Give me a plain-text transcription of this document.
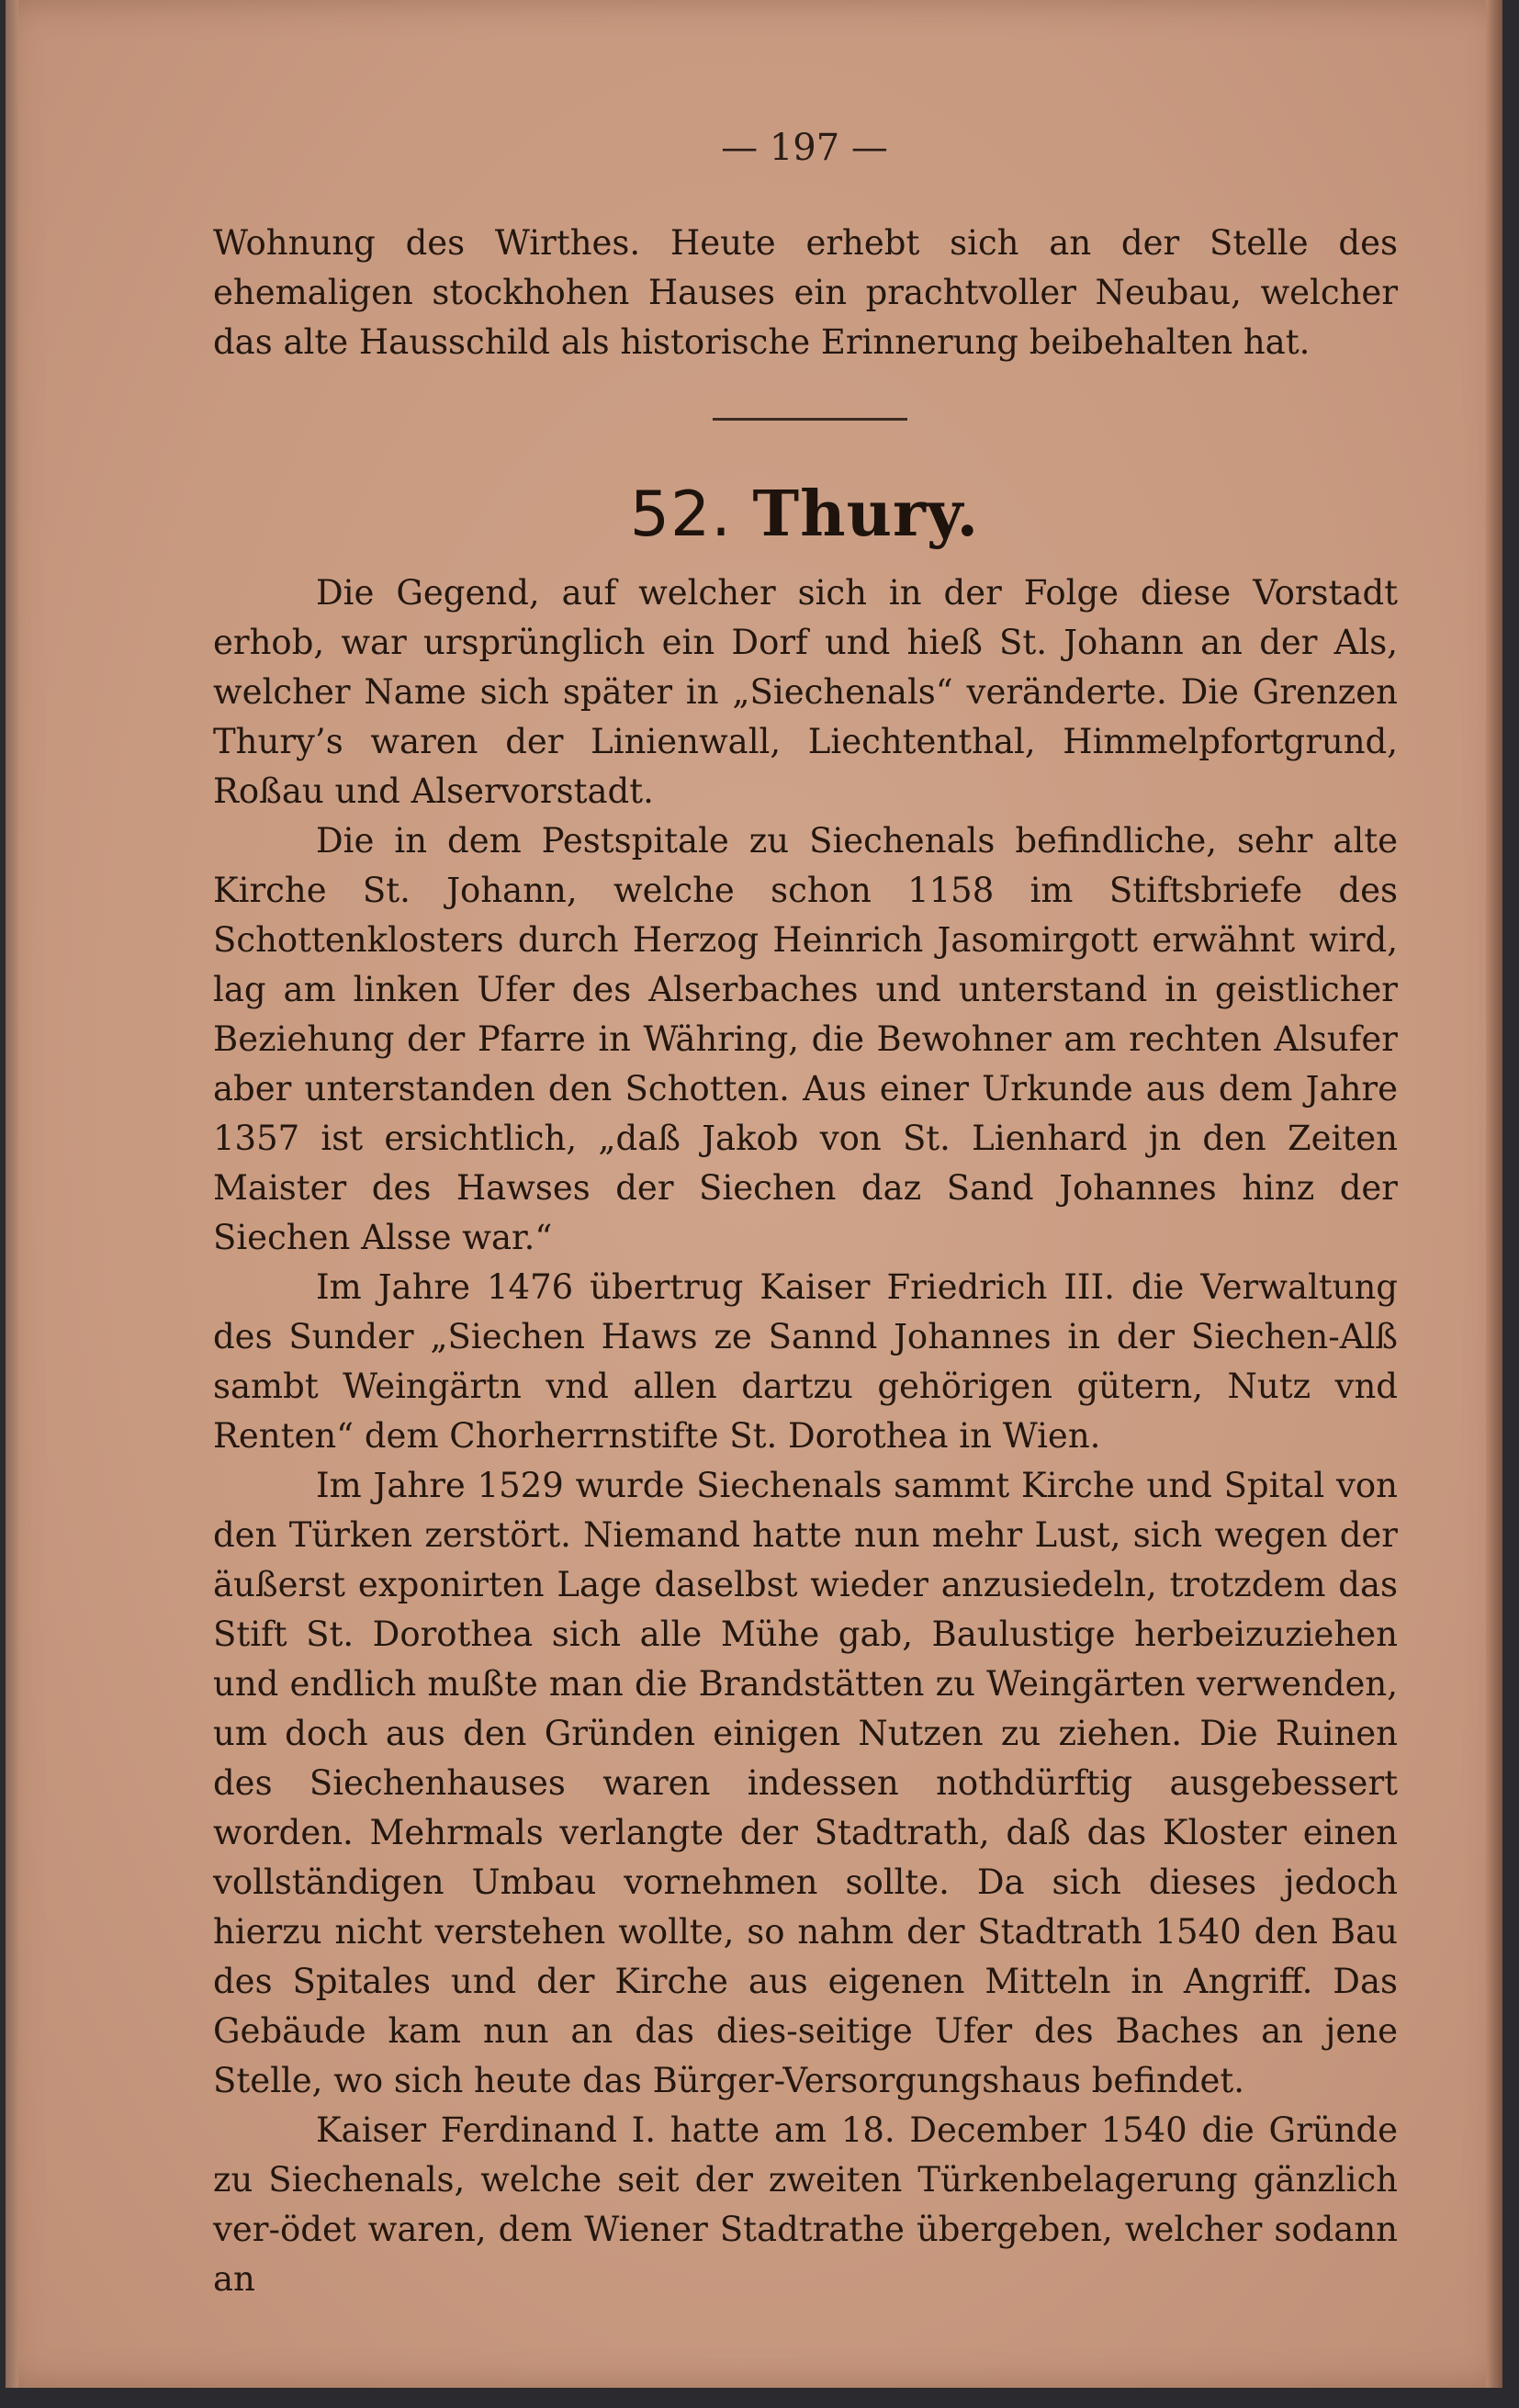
— 197 —

Wohnung des Wirthes. Heute erhebt sich an der Stelle des ehemaligen stockhohen Hauses ein prachtvoller Neubau, welcher das alte Hausschild als historische Erinnerung beibehalten hat.

52. Thury.

Die Gegend, auf welcher sich in der Folge diese Vorstadt erhob, war ursprünglich ein Dorf und hieß St. Johann an der Als, welcher Name sich später in „Siechenals“ veränderte. Die Grenzen Thury’s waren der Linienwall, Liechtenthal, Himmelpfortgrund, Roßau und Alservorstadt.

Die in dem Pestspitale zu Siechenals befindliche, sehr alte Kirche St. Johann, welche schon 1158 im Stiftsbriefe des Schottenklosters durch Herzog Heinrich Jasomirgott erwähnt wird, lag am linken Ufer des Alserbaches und unterstand in geistlicher Beziehung der Pfarre in Währing, die Bewohner am rechten Alsufer aber unterstanden den Schotten. Aus einer Urkunde aus dem Jahre 1357 ist ersichtlich, „daß Jakob von St. Lienhard jn den Zeiten Maister des Hawses der Siechen daz Sand Johannes hinz der Siechen Alsse war.“

Im Jahre 1476 übertrug Kaiser Friedrich III. die Verwaltung des Sunder „Siechen Haws ze Sannd Johannes in der Siechen-Alß sambt Weingärtn vnd allen dartzu gehörigen gütern, Nutz vnd Renten“ dem Chorherrnstifte St. Dorothea in Wien.

Im Jahre 1529 wurde Siechenals sammt Kirche und Spital von den Türken zerstört. Niemand hatte nun mehr Lust, sich wegen der äußerst exponirten Lage daselbst wieder anzusiedeln, trotzdem das Stift St. Dorothea sich alle Mühe gab, Baulustige herbeizuziehen und endlich mußte man die Brandstätten zu Weingärten verwenden, um doch aus den Gründen einigen Nutzen zu ziehen. Die Ruinen des Siechenhauses waren indessen nothdürftig ausgebessert worden. Mehrmals verlangte der Stadtrath, daß das Kloster einen vollständigen Umbau vornehmen sollte. Da sich dieses jedoch hierzu nicht verstehen wollte, so nahm der Stadtrath 1540 den Bau des Spitales und der Kirche aus eigenen Mitteln in Angriff. Das Gebäude kam nun an das dies-seitige Ufer des Baches an jene Stelle, wo sich heute das Bürger-Versorgungshaus befindet.

Kaiser Ferdinand I. hatte am 18. December 1540 die Gründe zu Siechenals, welche seit der zweiten Türkenbelagerung gänzlich ver-ödet waren, dem Wiener Stadtrathe übergeben, welcher sodann an
